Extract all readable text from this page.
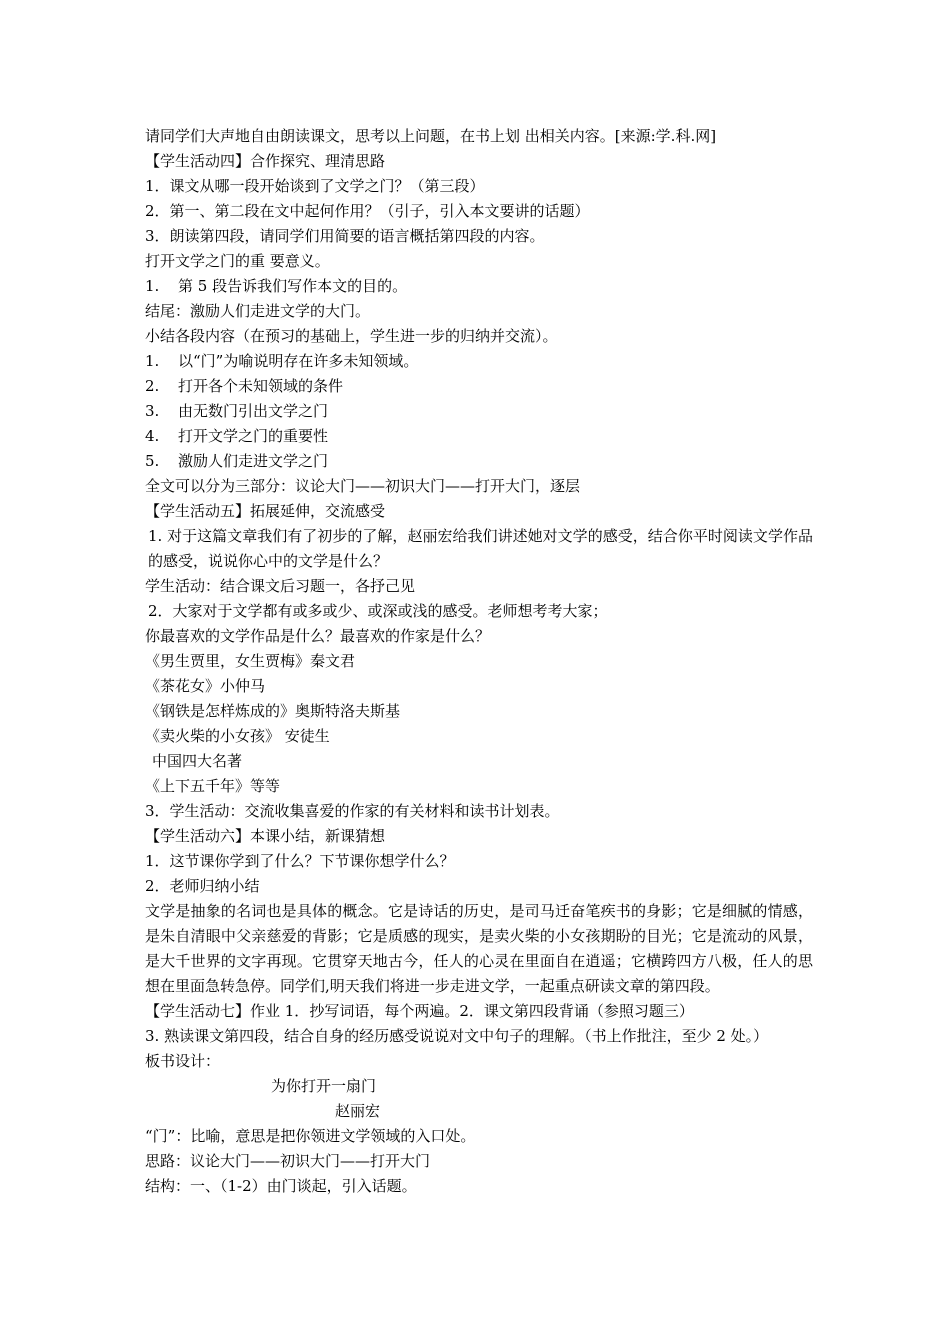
请同学们大声地自由朗读课文，思考以上问题，在书上划 出相关内容。[来源:学.科.网]
【学生活动四】合作探究、理清思路
1．课文从哪一段开始谈到了文学之门？（第三段）
2．第一、第二段在文中起何作用？（引子，引入本文要讲的话题）
3．朗读第四段，请同学们用简要的语言概括第四段的内容。
打开文学之门的重 要意义。
1. 第 5 段告诉我们写作本文的目的。
结尾：激励人们走进文学的大门。
小结各段内容（在预习的基础上，学生进一步的归纳并交流）。
1. 以“门”为喻说明存在许多未知领域。
2. 打开各个未知领域的条件
3. 由无数门引出文学之门
4. 打开文学之门的重要性
5. 激励人们走进文学之门
全文可以分为三部分：议论大门——初识大门——打开大门，逐层
【学生活动五】拓展延伸，交流感受
1. 对于这篇文章我们有了初步的了解，赵丽宏给我们讲述她对文学的感受，结合你平时阅读文学作品的感受，说说你心中的文学是什么？
学生活动：结合课文后习题一，各抒己见
2．大家对于文学都有或多或少、或深或浅的感受。老师想考考大家；
你最喜欢的文学作品是什么？最喜欢的作家是什么？
《男生贾里，女生贾梅》秦文君
《茶花女》小仲马
《钢铁是怎样炼成的》奥斯特洛夫斯基
《卖火柴的小女孩》 安徒生
中国四大名著
《上下五千年》等等
3．学生活动：交流收集喜爱的作家的有关材料和读书计划表。
【学生活动六】本课小结，新课猜想
1．这节课你学到了什么？下节课你想学什么？
2．老师归纳小结
文学是抽象的名词也是具体的概念。它是诗话的历史，是司马迁奋笔疾书的身影；它是细腻的情感，是朱自清眼中父亲慈爱的背影；它是质感的现实，是卖火柴的小女孩期盼的目光；它是流动的风景，是大千世界的文字再现。它贯穿天地古今，任人的心灵在里面自在逍遥；它横跨四方八极，任人的思想在里面急转急停。同学们,明天我们将进一步走进文学，一起重点研读文章的第四段。
【学生活动七】作业 1．抄写词语，每个两遍。2．课文第四段背诵（参照习题三）
3. 熟读课文第四段，结合自身的经历感受说说对文中句子的理解。（书上作批注，至少 2 处。）
板书设计：
为你打开一扇门
赵丽宏
“门”：比喻，意思是把你领进文学领域的入口处。
思路：议论大门——初识大门——打开大门
结构：一、（1-2）由门谈起，引入话题。
